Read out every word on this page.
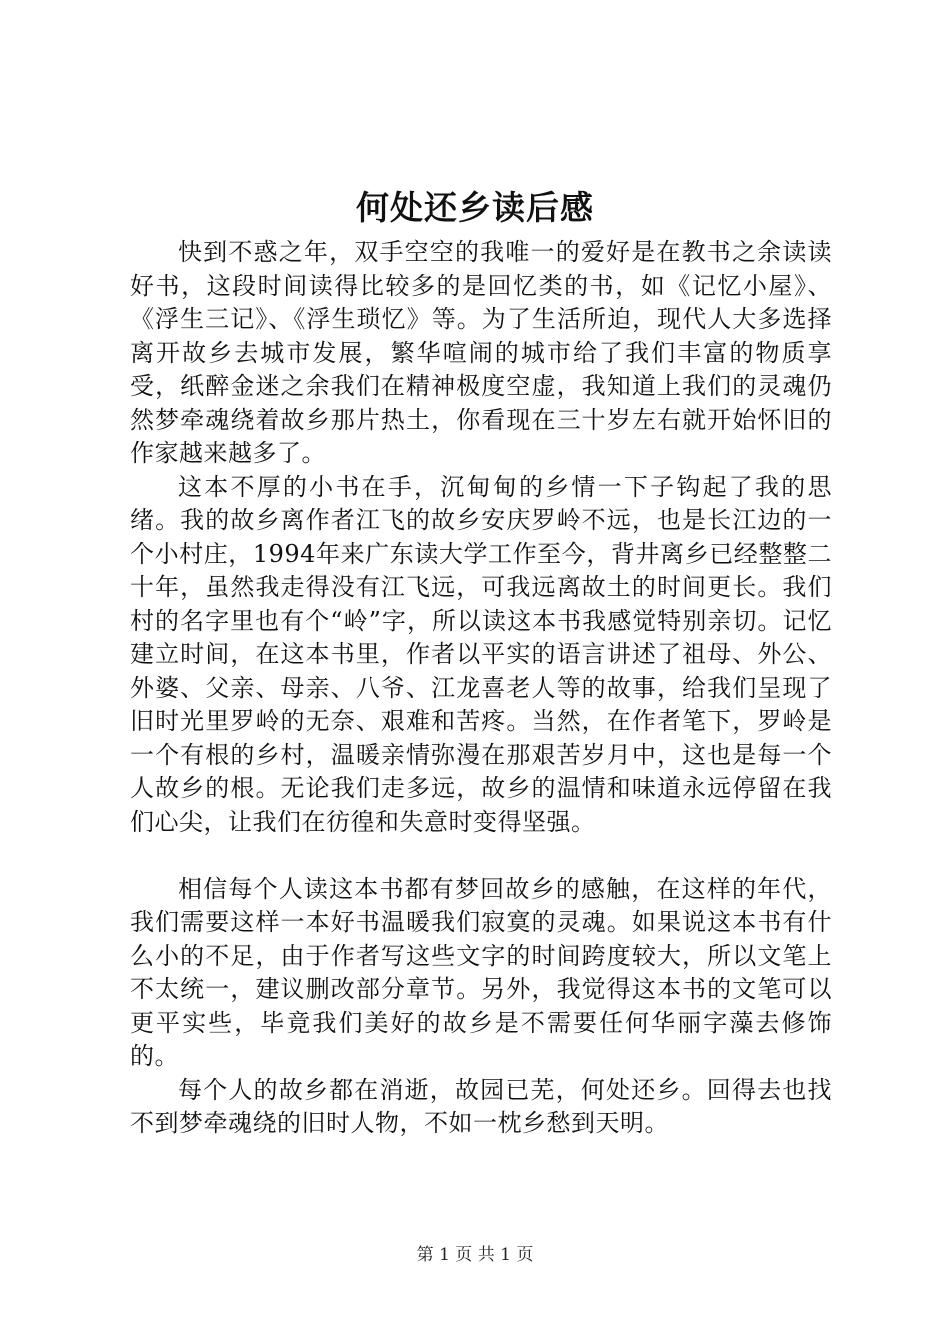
何处还乡读后感

快到不惑之年，双手空空的我唯一的爱好是在教书之余读读好书，这段时间读得比较多的是回忆类的书，如《记忆小屋》、《浮生三记》、《浮生琐忆》等。为了生活所迫，现代人大多选择离开故乡去城市发展，繁华喧闹的城市给了我们丰富的物质享受，纸醉金迷之余我们在精神极度空虚，我知道上我们的灵魂仍然梦牵魂绕着故乡那片热土，你看现在三十岁左右就开始怀旧的作家越来越多了。

这本不厚的小书在手，沉甸甸的乡情一下子钩起了我的思绪。我的故乡离作者江飞的故乡安庆罗岭不远，也是长江边的一个小村庄，1994年来广东读大学工作至今，背井离乡已经整整二十年，虽然我走得没有江飞远，可我远离故土的时间更长。我们村的名字里也有个“岭”字，所以读这本书我感觉特别亲切。记忆建立时间，在这本书里，作者以平实的语言讲述了祖母、外公、外婆、父亲、母亲、八爷、江龙喜老人等的故事，给我们呈现了旧时光里罗岭的无奈、艰难和苦疼。当然，在作者笔下，罗岭是一个有根的乡村，温暖亲情弥漫在那艰苦岁月中，这也是每一个人故乡的根。无论我们走多远，故乡的温情和味道永远停留在我们心尖，让我们在彷徨和失意时变得坚强。

相信每个人读这本书都有梦回故乡的感触，在这样的年代，我们需要这样一本好书温暖我们寂寞的灵魂。如果说这本书有什么小的不足，由于作者写这些文字的时间跨度较大，所以文笔上不太统一，建议删改部分章节。另外，我觉得这本书的文笔可以更平实些，毕竟我们美好的故乡是不需要任何华丽字藻去修饰的。

每个人的故乡都在消逝，故园已芜，何处还乡。回得去也找不到梦牵魂绕的旧时人物，不如一枕乡愁到天明。

第 1 页 共 1 页
